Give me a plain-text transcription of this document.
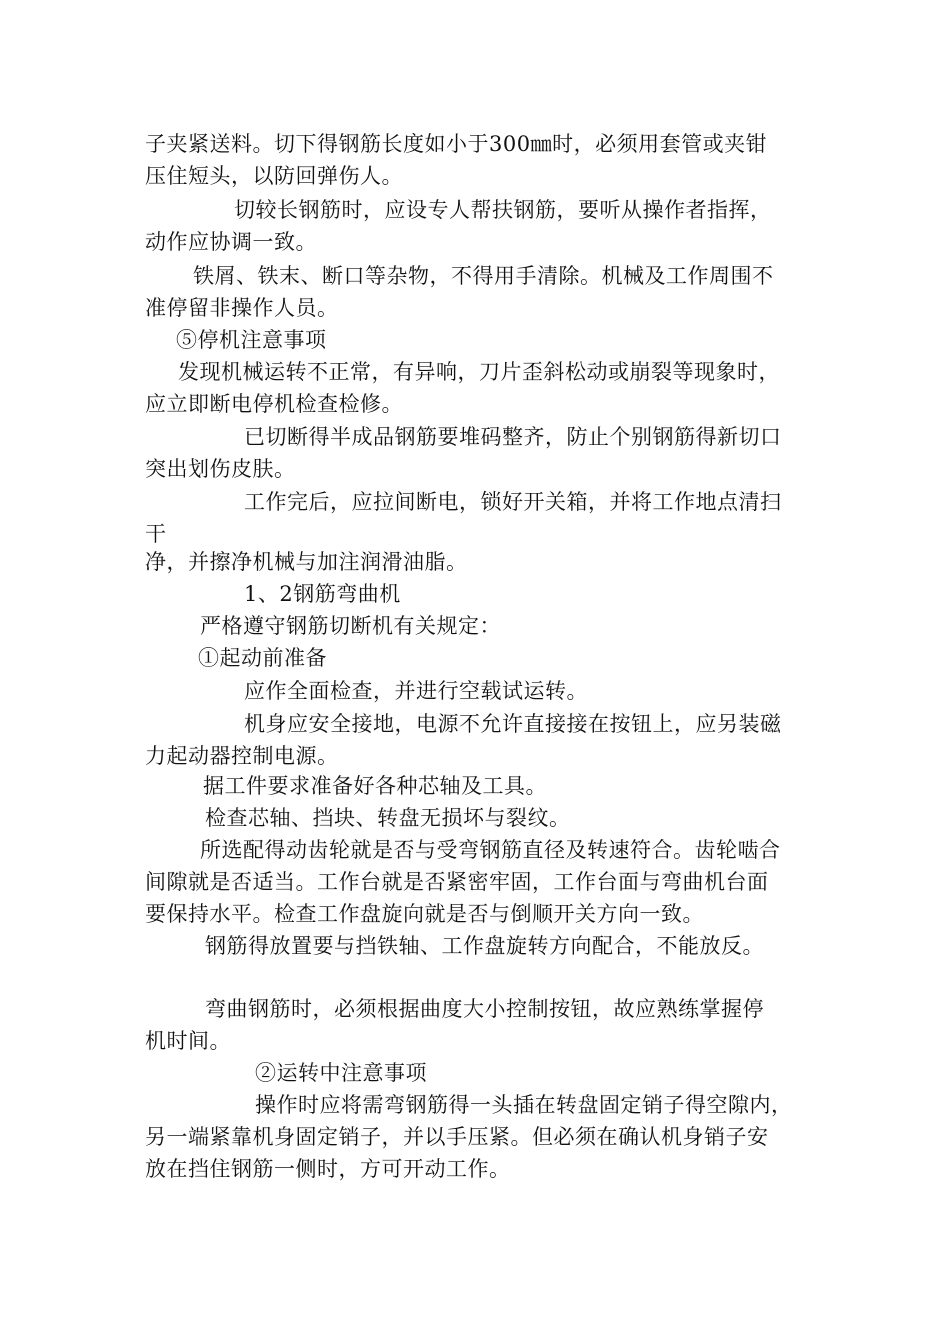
子夹紧送料。切下得钢筋长度如小于300㎜时，必须用套管或夹钳
压住短头，以防回弹伤人。
切较长钢筋时，应设专人帮扶钢筋，要听从操作者指挥，
动作应协调一致。
铁屑、铁末、断口等杂物，不得用手清除。机械及工作周围不
准停留非操作人员。
⑤停机注意事项
发现机械运转不正常，有异响，刀片歪斜松动或崩裂等现象时，
应立即断电停机检查检修。
已切断得半成品钢筋要堆码整齐，防止个别钢筋得新切口
突出划伤皮肤。
工作完后，应拉间断电，锁好开关箱，并将工作地点清扫
干
净，并擦净机械与加注润滑油脂。
1、2钢筋弯曲机
严格遵守钢筋切断机有关规定：
①起动前准备
应作全面检查，并进行空载试运转。
机身应安全接地，电源不允许直接接在按钮上，应另装磁
力起动器控制电源。
据工件要求准备好各种芯轴及工具。
检查芯轴、挡块、转盘无损坏与裂纹。
所选配得动齿轮就是否与受弯钢筋直径及转速符合。齿轮啮合
间隙就是否适当。工作台就是否紧密牢固，工作台面与弯曲机台面
要保持水平。检查工作盘旋向就是否与倒顺开关方向一致。
钢筋得放置要与挡铁轴、工作盘旋转方向配合，不能放反。
弯曲钢筋时，必须根据曲度大小控制按钮，故应熟练掌握停
机时间。
②运转中注意事项
操作时应将需弯钢筋得一头插在转盘固定销子得空隙内，
另一端紧靠机身固定销子，并以手压紧。但必须在确认机身销子安
放在挡住钢筋一侧时，方可开动工作。
